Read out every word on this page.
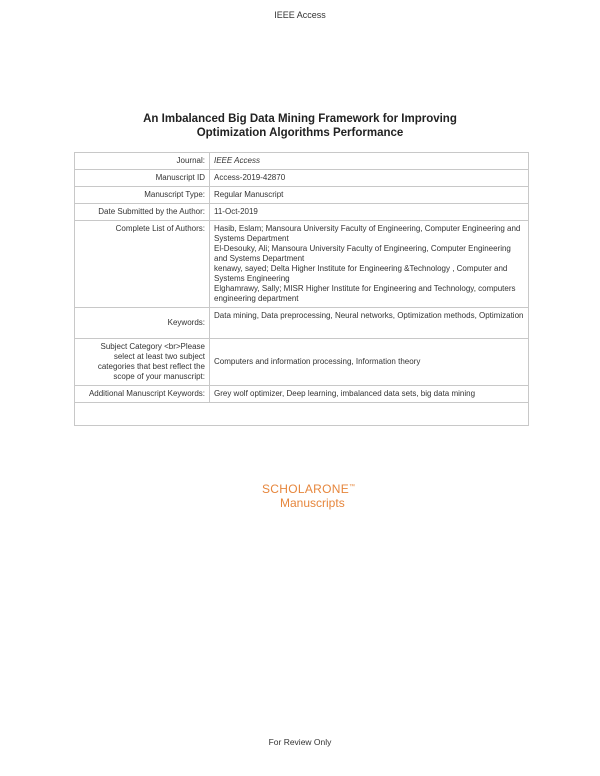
IEEE Access
An Imbalanced Big Data Mining Framework for Improving
Optimization Algorithms Performance
Journal:	IEEE Access
Manuscript ID	Access-2019-42870
Manuscript Type:	Regular Manuscript
Date Submitted by the Author:	11-Oct-2019
Complete List of Authors:	Hasib, Eslam; Mansoura University Faculty of Engineering, Computer Engineering and Systems Department
El-Desouky, Ali; Mansoura University Faculty of Engineering, Computer Engineering and Systems Department
kenawy, sayed; Delta Higher Institute for Engineering &Technology , Computer and Systems Engineering
Elghamrawy, Sally; MISR Higher Institute for Engineering and Technology, computers engineering department

Keywords:	Data mining, Data preprocessing, Neural networks, Optimization methods, Optimization
Subject Category <br>Please select at least two subject categories that best reflect the scope of your manuscript:	Computers and information processing, Information theory
Additional Manuscript Keywords:	Grey wolf optimizer, Deep learning, imbalanced data sets, big data mining

SCHOLARONE™
Manuscripts
For Review Only
